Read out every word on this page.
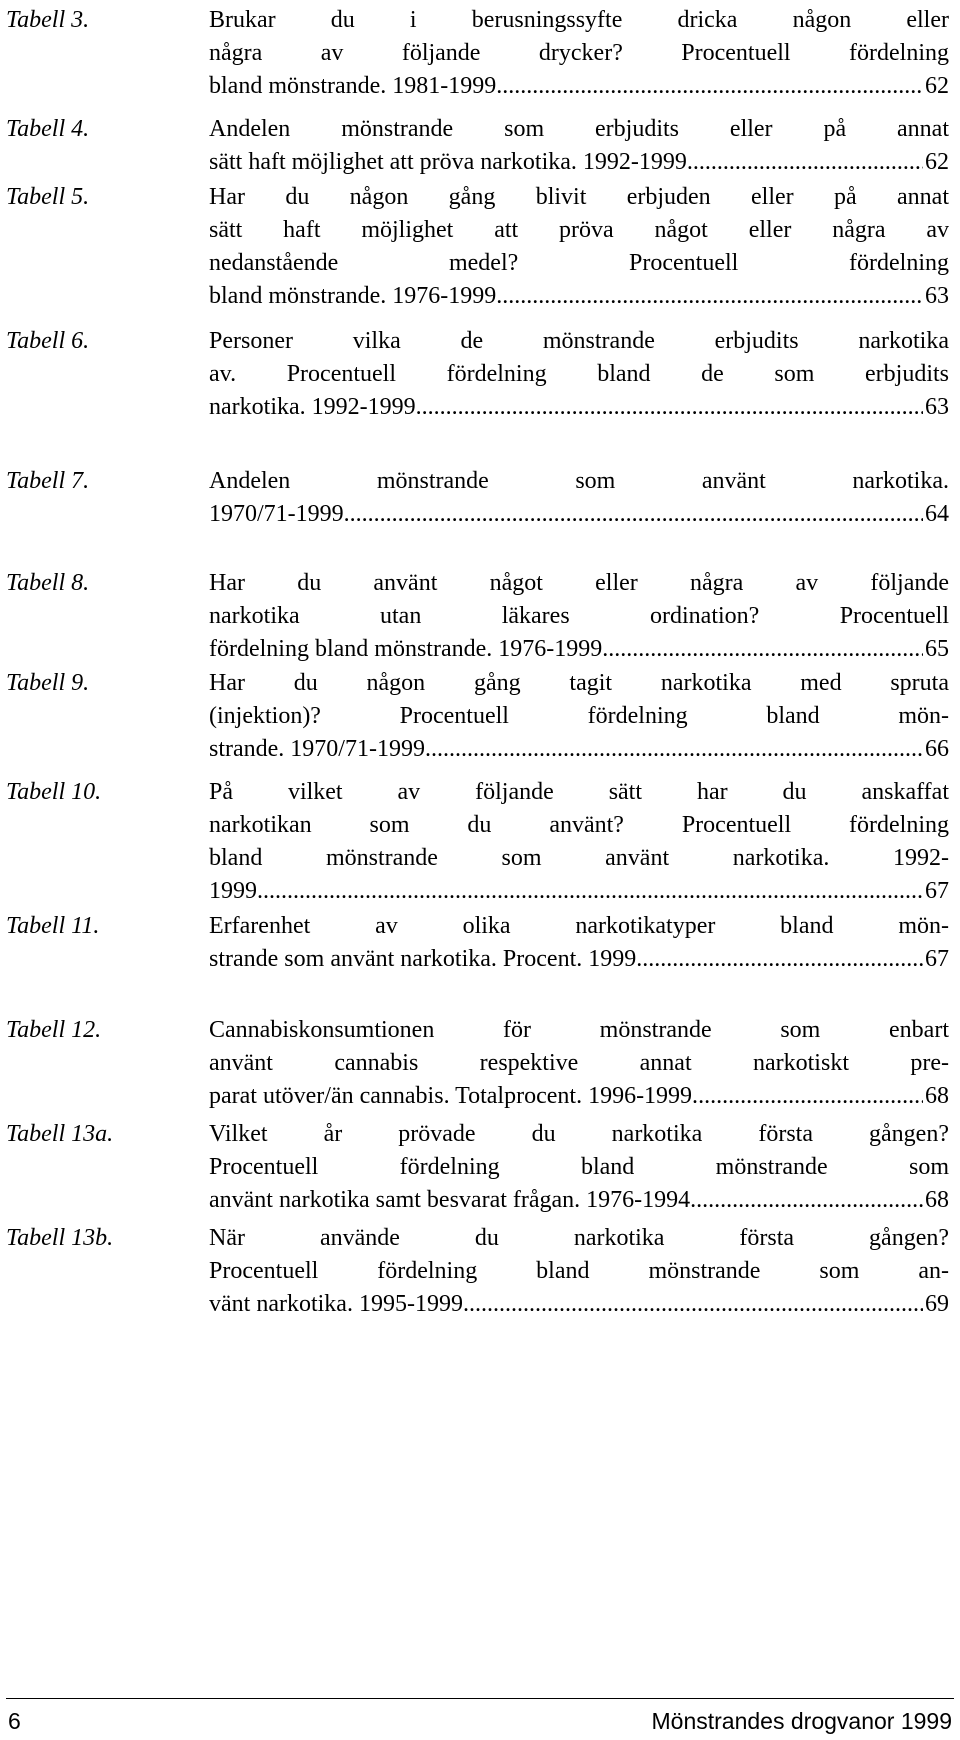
Tabell 3.	Brukar du i berusningssyfte dricka någon eller
några av följande drycker? Procentuell fördelning
bland mönstrande. 1981-1999. .....	62
Tabell 4.	Andelen mönstrande som erbjudits eller på annat
sätt haft möjlighet att pröva narkotika. 1992-1999. .....	62
Tabell 5.	Har du någon gång blivit erbjuden eller på annat
sätt haft möjlighet att pröva något eller några av
nedanstående medel? Procentuell fördelning
bland mönstrande. 1976-1999. .....	63
Tabell 6.	Personer vilka de mönstrande erbjudits narkotika
av. Procentuell fördelning bland de som erbjudits
narkotika. 1992-1999. .....	63
Tabell 7.	Andelen mönstrande som använt narkotika.
1970/71-1999. .....	64
Tabell 8.	Har du använt något eller några av följande
narkotika utan läkares ordination? Procentuell
fördelning bland mönstrande. 1976-1999. .....	65
Tabell 9.	Har du någon gång tagit narkotika med spruta
(injektion)? Procentuell fördelning bland mön-
strande. 1970/71-1999. .....	66
Tabell 10.	På vilket av följande sätt har du anskaffat
narkotikan som du använt? Procentuell fördelning
bland mönstrande som använt narkotika. 1992-
1999. .....	67
Tabell 11.	Erfarenhet av olika narkotikatyper bland mön-
strande som använt narkotika. Procent. 1999. .....	67
Tabell 12.	Cannabiskonsumtionen för mönstrande som enbart
använt cannabis respektive annat narkotiskt pre-
parat utöver/än cannabis. Totalprocent. 1996-1999. .....	68
Tabell 13a.	Vilket år prövade du narkotika första gången?
Procentuell fördelning bland mönstrande som
använt narkotika samt besvarat frågan. 1976-1994. .....	68
Tabell 13b.	När använde du narkotika första gången?
Procentuell fördelning bland mönstrande som an-
vänt narkotika. 1995-1999. .....	69
6	Mönstrandes drogvanor 1999
